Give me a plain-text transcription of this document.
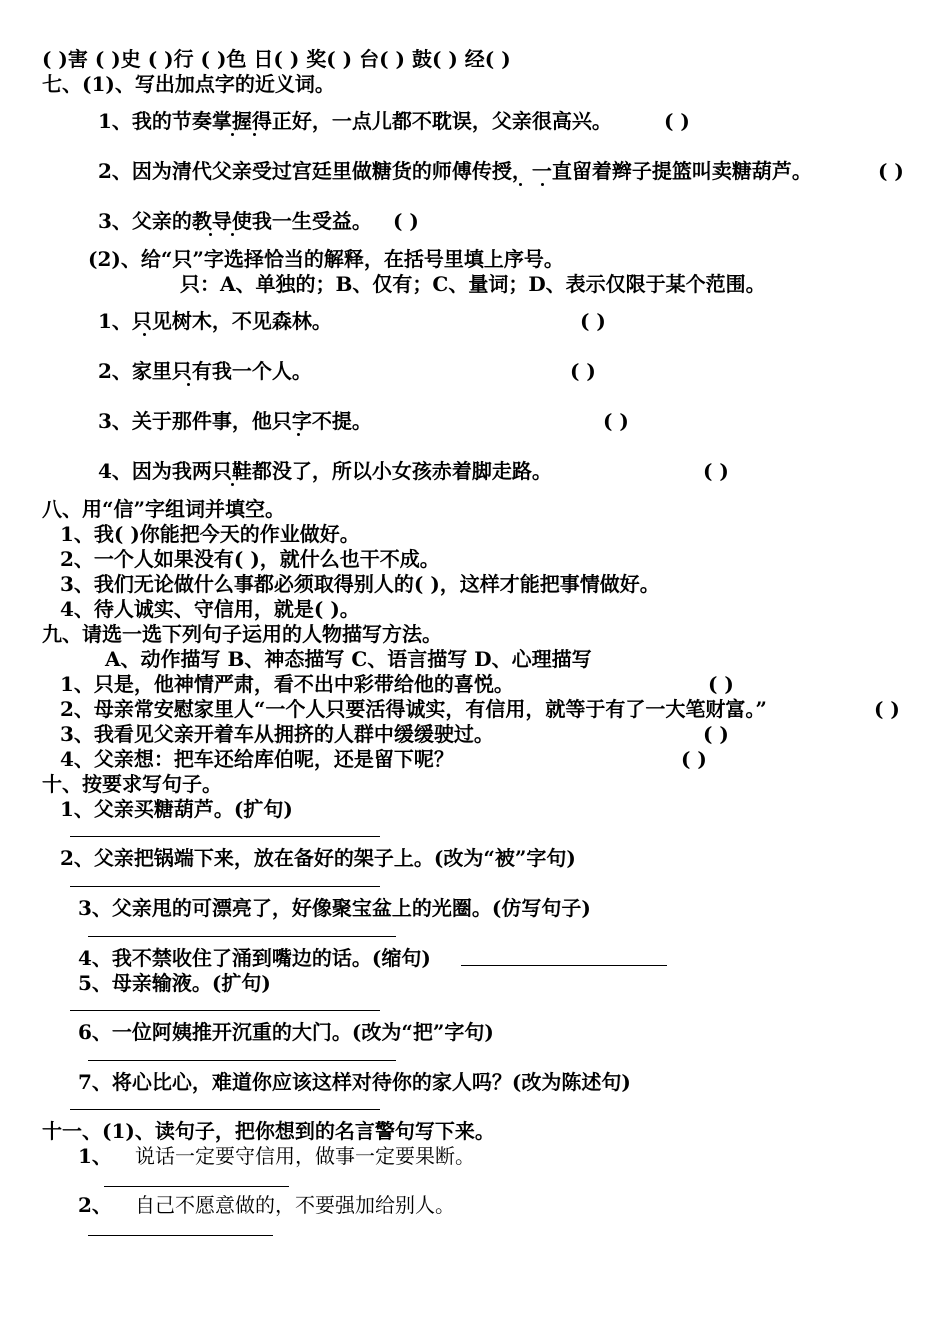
( )害 ( )史 ( )行 ( )色 日( ) 奖( ) 台( ) 鼓( ) 经( )
七、(1)、写出加点字的近义词。
1、我的节奏掌握得正好，一点儿都不耽误，父亲很高兴。	( )
2、因为清代父亲受过宫廷里做糖货的师傅传授，一直留着辫子提篮叫卖糖葫芦。	( )
3、父亲的教导使我一生受益。 ( )
(2)、给“只”字选择恰当的解释，在括号里填上序号。
只：A、单独的；B、仅有；C、量词；D、表示仅限于某个范围。
1、只见树木，不见森林。	( )
2、家里只有我一个人。	( )
3、关于那件事，他只字不提。	( )
4、因为我两只鞋都没了，所以小女孩赤着脚走路。	( )
八、用“信”字组词并填空。
1、我( )你能把今天的作业做好。
2、一个人如果没有( )，就什么也干不成。
3、我们无论做什么事都必须取得别人的( )，这样才能把事情做好。
4、待人诚实、守信用，就是( )。
九、请选一选下列句子运用的人物描写方法。
A、动作描写 B、神态描写 C、语言描写 D、心理描写
1、只是，他神情严肃，看不出中彩带给他的喜悦。	( )
2、母亲常安慰家里人“一个人只要活得诚实，有信用，就等于有了一大笔财富。”	( )
3、我看见父亲开着车从拥挤的人群中缓缓驶过。	( )
4、父亲想：把车还给库伯呢，还是留下呢？	( )
十、按要求写句子。
1、父亲买糖葫芦。(扩句)
2、父亲把锅端下来，放在备好的架子上。(改为“被”字句)
3、父亲甩的可漂亮了，好像聚宝盆上的光圈。(仿写句子)
4、我不禁收住了涌到嘴边的话。(缩句)
5、母亲输液。(扩句)
6、一位阿姨推开沉重的大门。(改为“把”字句)
7、将心比心，难道你应该这样对待你的家人吗？(改为陈述句)
十一、(1)、读句子，把你想到的名言警句写下来。
1、 说话一定要守信用，做事一定要果断。
2、 自己不愿意做的，不要强加给别人。
